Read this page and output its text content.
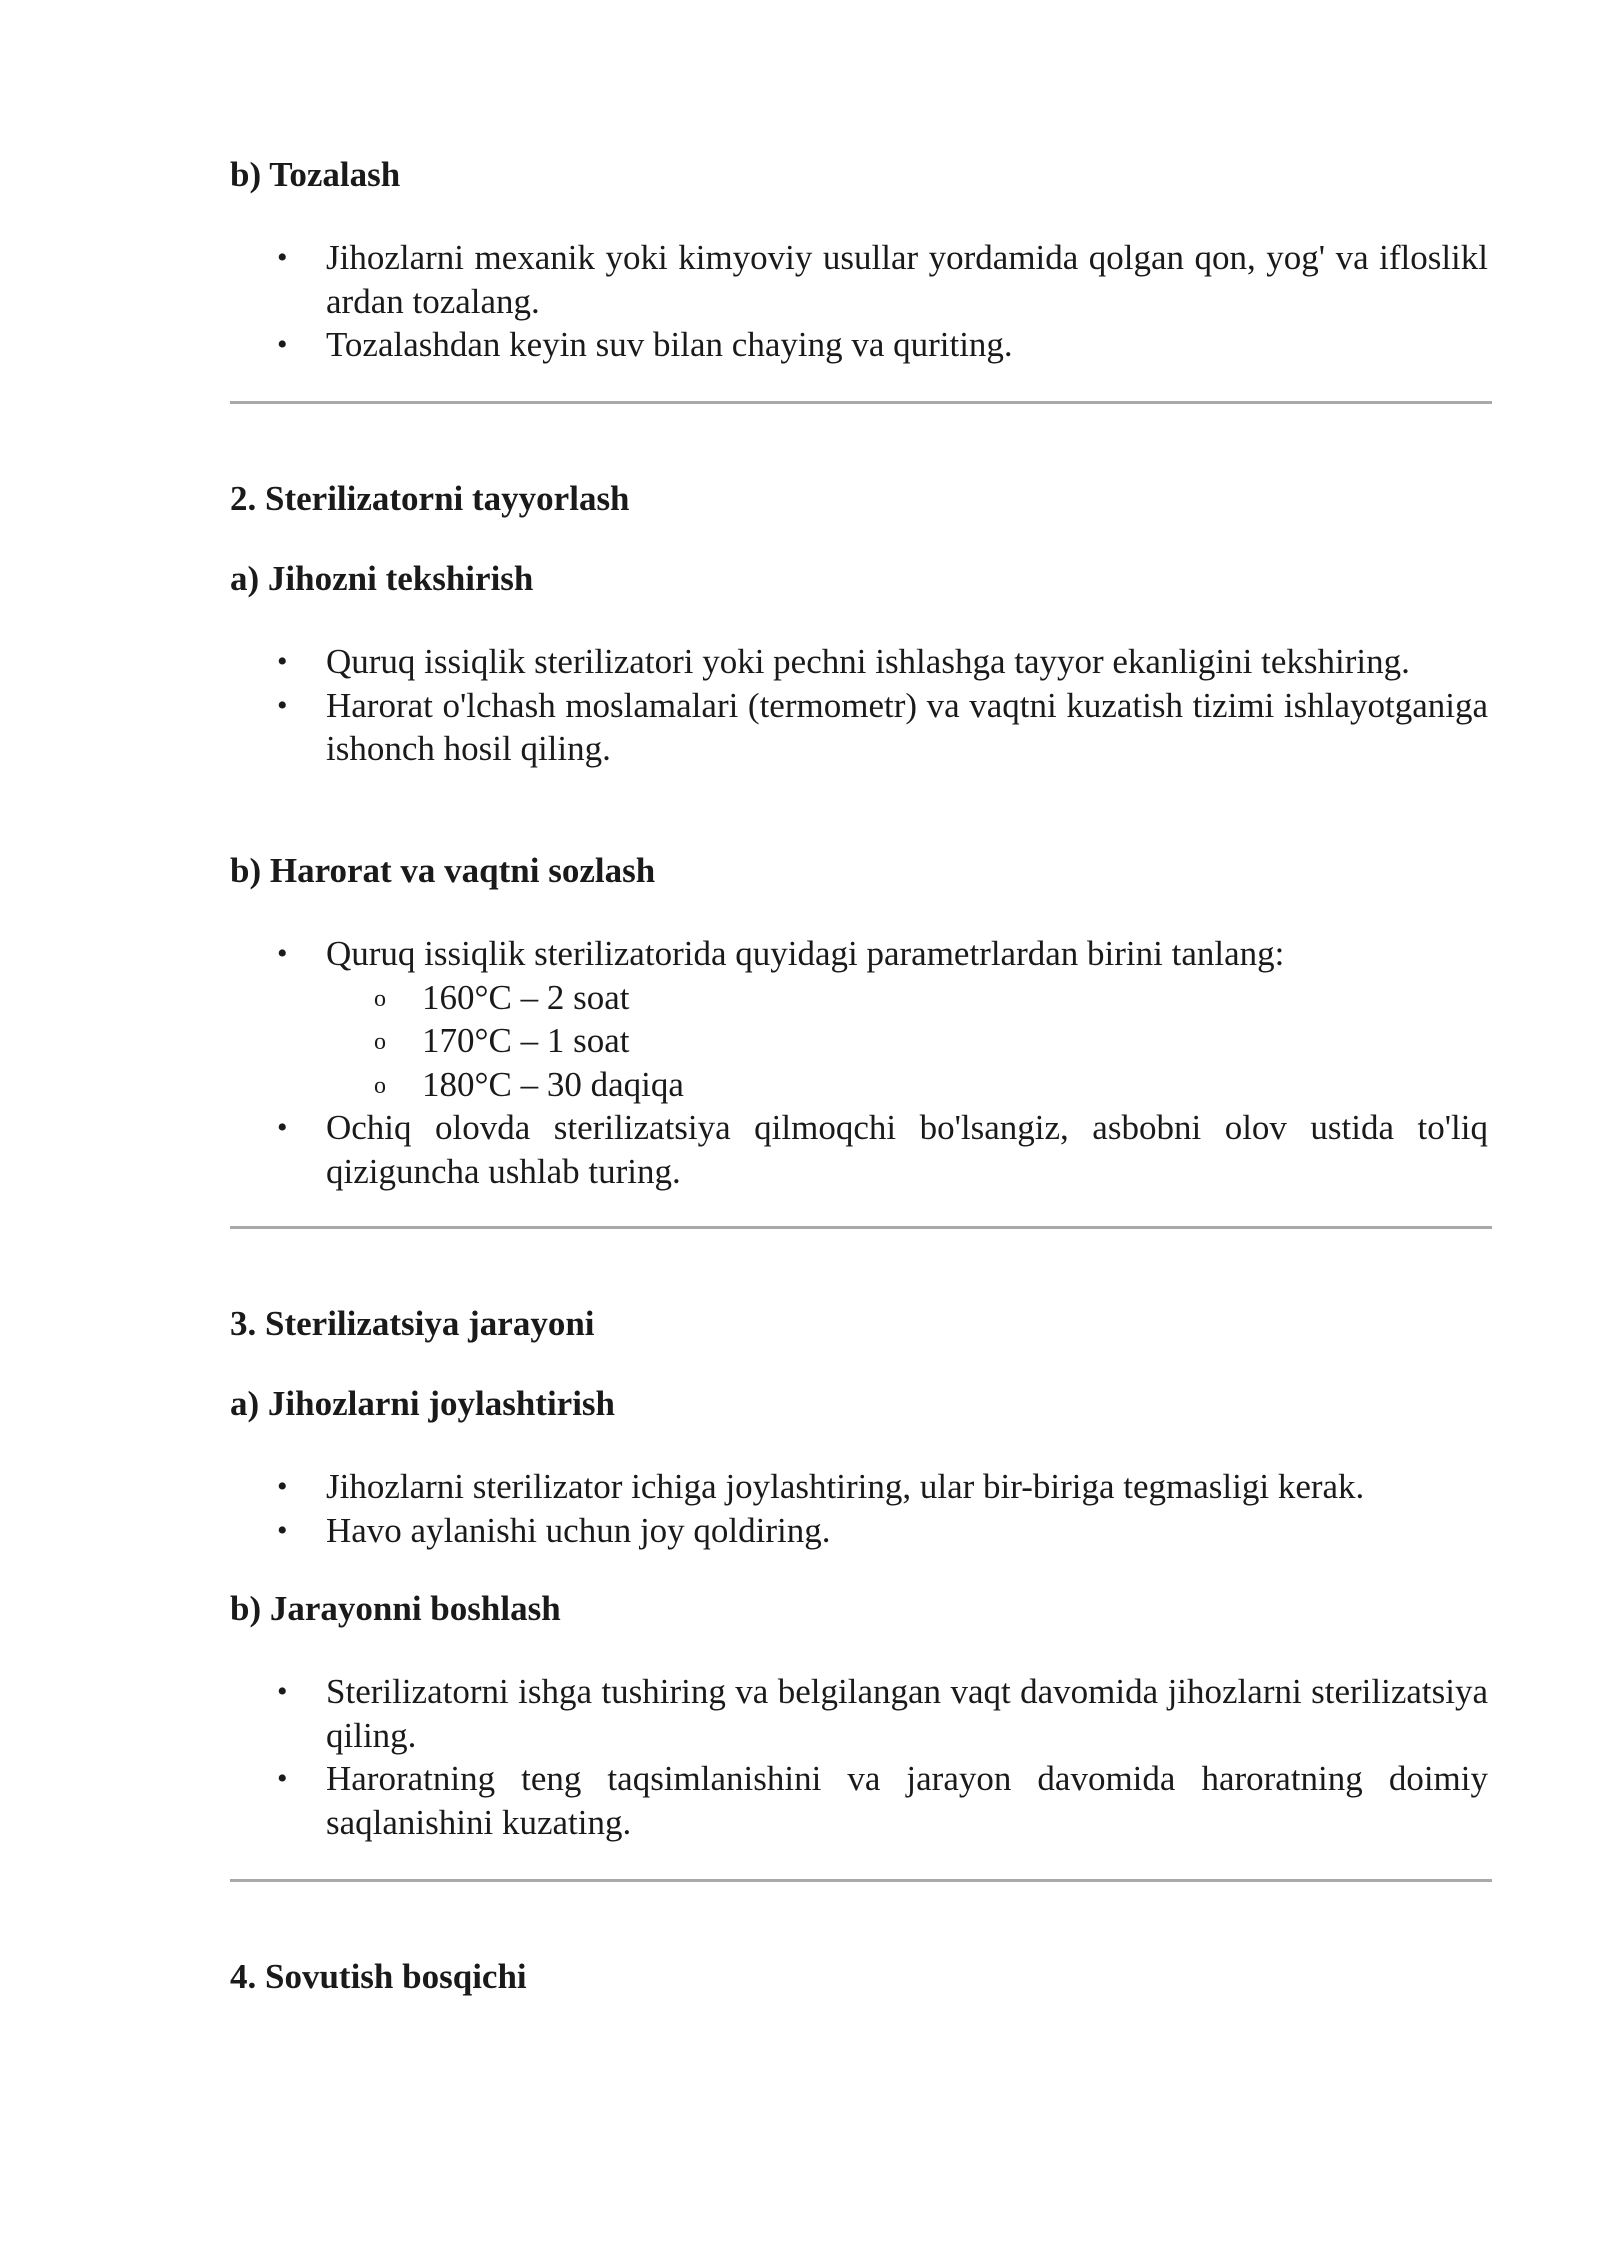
b) Tozalash
• Jihozlarni mexanik yoki kimyoviy usullar yordamida qolgan qon, yog' va ifloslikl​ardan tozalang.
• Tozalashdan keyin suv bilan chaying va quriting.
2. Sterilizatorni tayyorlash
a) Jihozni tekshirish
• Quruq issiqlik sterilizatori yoki pechni ishlashga tayyor ekanligini tekshiring.
• Harorat o'lchash moslamalari (termometr) va vaqtni kuzatish tizimi ishlayotganiga ishonch hosil qiling.
b) Harorat va vaqtni sozlash
• Quruq issiqlik sterilizatorida quyidagi parametrlardan birini tanlang:
o 160°C – 2 soat
o 170°C – 1 soat
o 180°C – 30 daqiqa
• Ochiq olovda sterilizatsiya qilmoqchi bo'lsangiz, asbobni olov ustida to'liq qiziguncha ushlab turing.
3. Sterilizatsiya jarayoni
a) Jihozlarni joylashtirish
• Jihozlarni sterilizator ichiga joylashtiring, ular bir-biriga tegmasligi kerak.
• Havo aylanishi uchun joy qoldiring.
b) Jarayonni boshlash
• Sterilizatorni ishga tushiring va belgilangan vaqt davomida jihozlarni sterilizatsiya qiling.
• Haroratning teng taqsimlanishini va jarayon davomida haroratning doimiy saqlanishini kuzating.
4. Sovutish bosqichi
